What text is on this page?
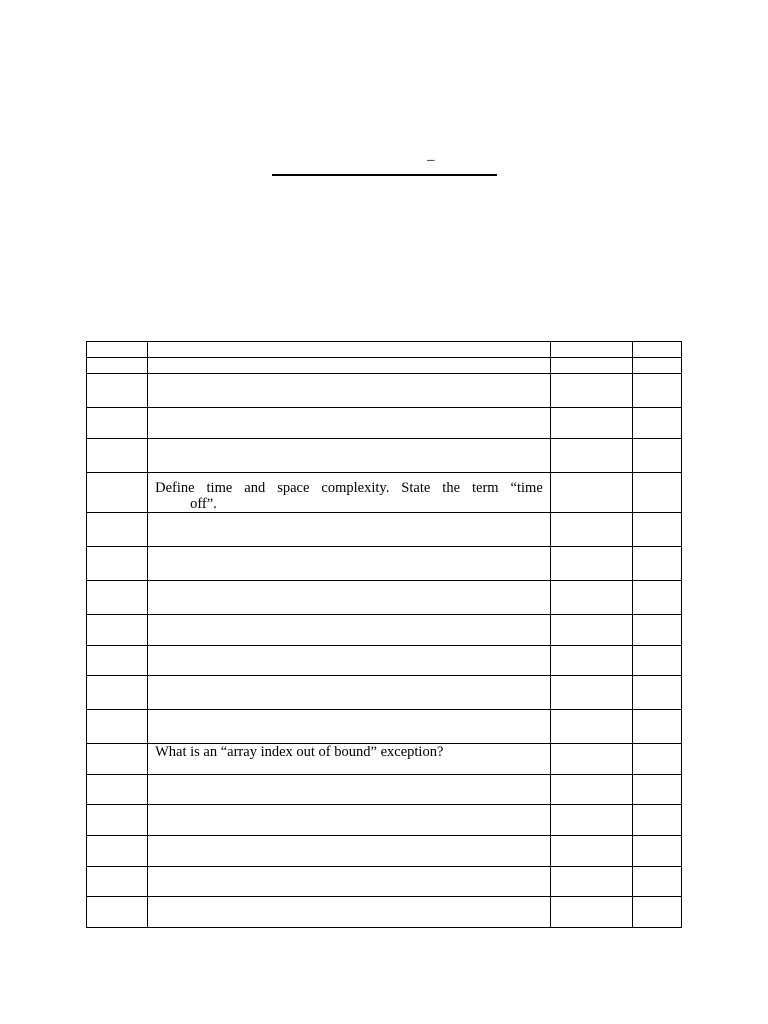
–

	Define time and space complexity. State the term “time
off”.		

	What is an “array index out of bound” exception?		
